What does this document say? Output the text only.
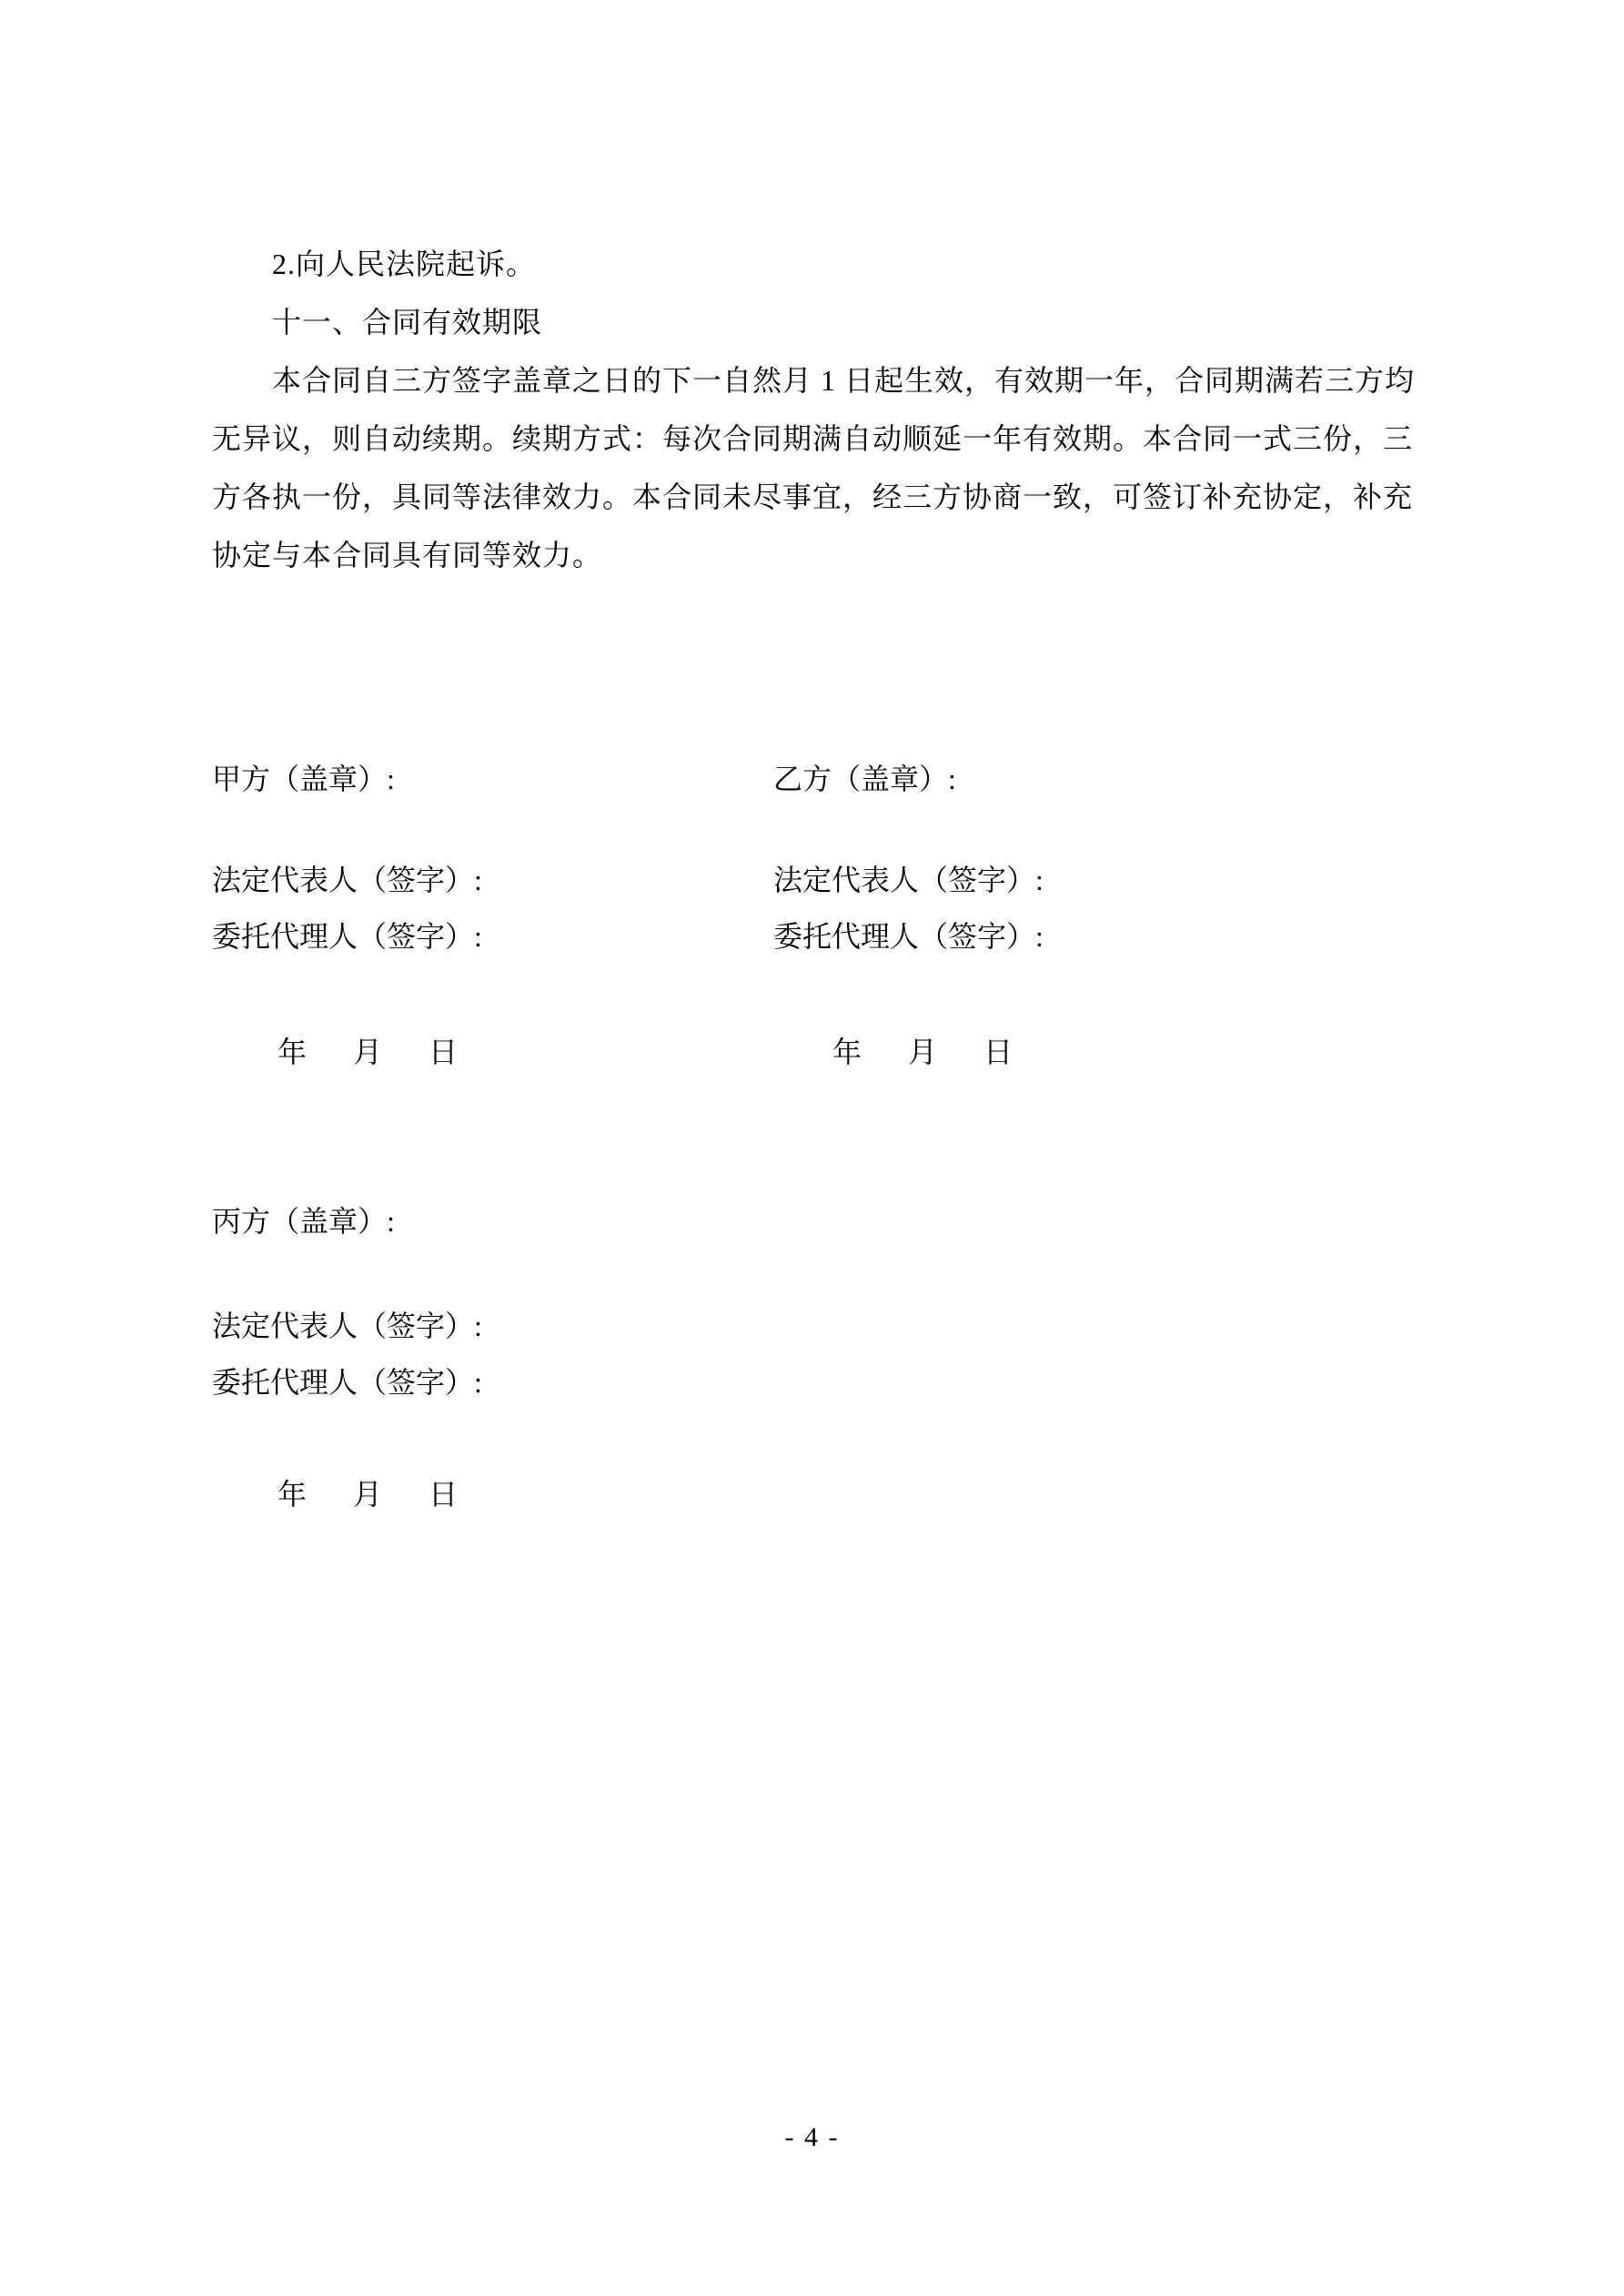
2.向人民法院起诉。
十一、合同有效期限
本合同自三方签字盖章之日的下一自然月 1 日起生效，有效期一年，合同期满若三方均
无异议，则自动续期。续期方式：每次合同期满自动顺延一年有效期。本合同一式三份，三
方各执一份，具同等法律效力。本合同未尽事宜，经三方协商一致，可签订补充协定，补充
协定与本合同具有同等效力。
甲方（盖章）:	乙方（盖章）:
法定代表人（签字）:	法定代表人（签字）:
委托代理人（签字）:	委托代理人（签字）:
年 月 日	年 月 日
丙方（盖章）:
法定代表人（签字）:
委托代理人（签字）:
年 月 日
- 4 -
